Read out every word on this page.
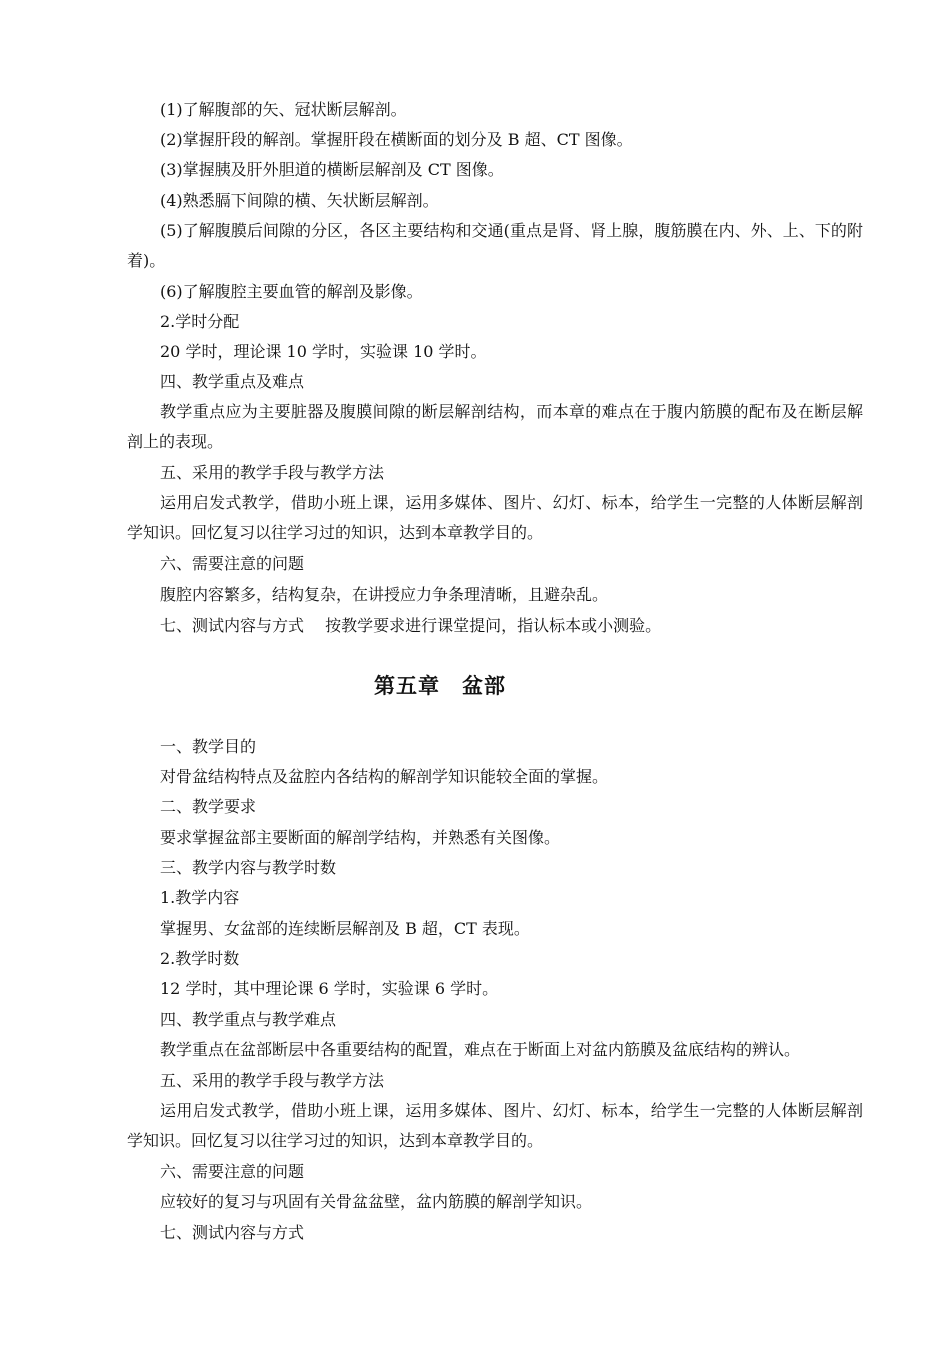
(1)了解腹部的矢、冠状断层解剖。
(2)掌握肝段的解剖。掌握肝段在横断面的划分及 B 超、CT 图像。
(3)掌握胰及肝外胆道的横断层解剖及 CT 图像。
(4)熟悉膈下间隙的横、矢状断层解剖。
(5)了解腹膜后间隙的分区，各区主要结构和交通(重点是肾、肾上腺，腹筋膜在内、外、上、下的附着)。
(6)了解腹腔主要血管的解剖及影像。
2.学时分配
20 学时，理论课 10 学时，实验课 10 学时。
四、教学重点及难点
教学重点应为主要脏器及腹膜间隙的断层解剖结构，而本章的难点在于腹内筋膜的配布及在断层解剖上的表现。
五、采用的教学手段与教学方法
运用启发式教学，借助小班上课，运用多媒体、图片、幻灯、标本，给学生一完整的人体断层解剖学知识。回忆复习以往学习过的知识，达到本章教学目的。
六、需要注意的问题
腹腔内容繁多，结构复杂，在讲授应力争条理清晰，且避杂乱。
七、测试内容与方式　 按教学要求进行课堂提问，指认标本或小测验。
第五章　盆部
一、教学目的
对骨盆结构特点及盆腔内各结构的解剖学知识能较全面的掌握。
二、教学要求
要求掌握盆部主要断面的解剖学结构，并熟悉有关图像。
三、教学内容与教学时数
1.教学内容
掌握男、女盆部的连续断层解剖及 B 超，CT 表现。
2.教学时数
12 学时，其中理论课 6 学时，实验课 6 学时。
四、教学重点与教学难点
教学重点在盆部断层中各重要结构的配置，难点在于断面上对盆内筋膜及盆底结构的辨认。
五、采用的教学手段与教学方法
运用启发式教学，借助小班上课，运用多媒体、图片、幻灯、标本，给学生一完整的人体断层解剖学知识。回忆复习以往学习过的知识，达到本章教学目的。
六、需要注意的问题
应较好的复习与巩固有关骨盆盆壁，盆内筋膜的解剖学知识。
七、测试内容与方式
